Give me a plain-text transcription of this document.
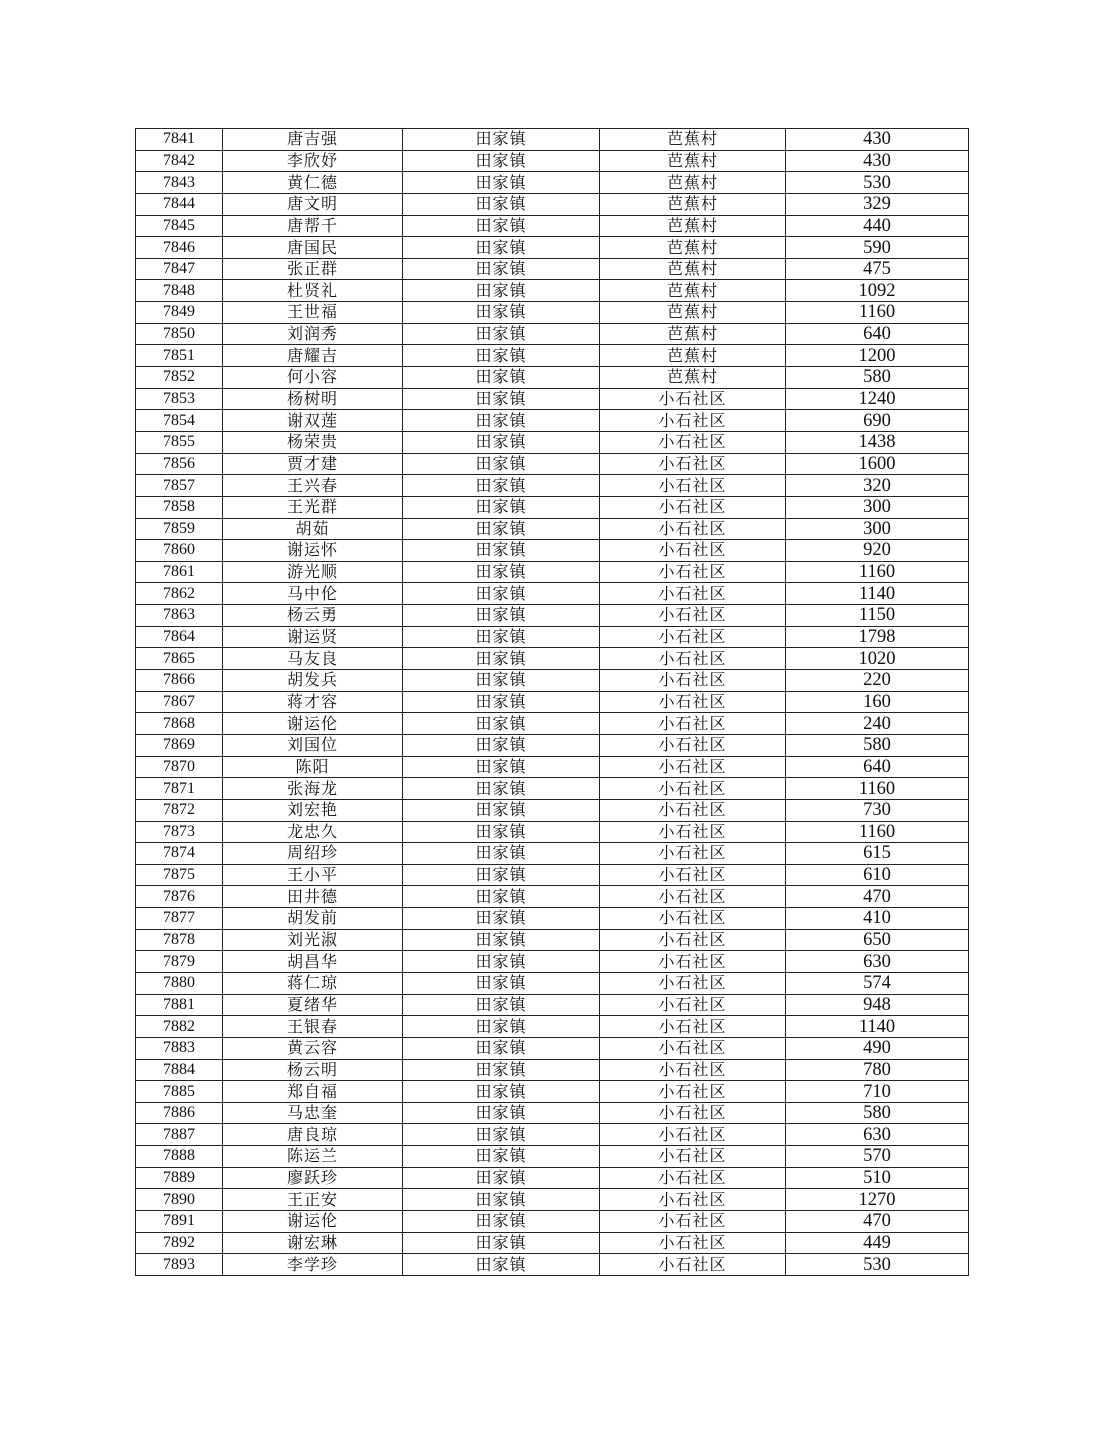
7841	唐吉强	田家镇	芭蕉村	430
7842	李欣妤	田家镇	芭蕉村	430
7843	黄仁德	田家镇	芭蕉村	530
7844	唐文明	田家镇	芭蕉村	329
7845	唐帮千	田家镇	芭蕉村	440
7846	唐国民	田家镇	芭蕉村	590
7847	张正群	田家镇	芭蕉村	475
7848	杜贤礼	田家镇	芭蕉村	1092
7849	王世福	田家镇	芭蕉村	1160
7850	刘润秀	田家镇	芭蕉村	640
7851	唐耀吉	田家镇	芭蕉村	1200
7852	何小容	田家镇	芭蕉村	580
7853	杨树明	田家镇	小石社区	1240
7854	谢双莲	田家镇	小石社区	690
7855	杨荣贵	田家镇	小石社区	1438
7856	贾才建	田家镇	小石社区	1600
7857	王兴春	田家镇	小石社区	320
7858	王光群	田家镇	小石社区	300
7859	胡茹	田家镇	小石社区	300
7860	谢运怀	田家镇	小石社区	920
7861	游光顺	田家镇	小石社区	1160
7862	马中伦	田家镇	小石社区	1140
7863	杨云勇	田家镇	小石社区	1150
7864	谢运贤	田家镇	小石社区	1798
7865	马友良	田家镇	小石社区	1020
7866	胡发兵	田家镇	小石社区	220
7867	蒋才容	田家镇	小石社区	160
7868	谢运伦	田家镇	小石社区	240
7869	刘国位	田家镇	小石社区	580
7870	陈阳	田家镇	小石社区	640
7871	张海龙	田家镇	小石社区	1160
7872	刘宏艳	田家镇	小石社区	730
7873	龙忠久	田家镇	小石社区	1160
7874	周绍珍	田家镇	小石社区	615
7875	王小平	田家镇	小石社区	610
7876	田井德	田家镇	小石社区	470
7877	胡发前	田家镇	小石社区	410
7878	刘光淑	田家镇	小石社区	650
7879	胡昌华	田家镇	小石社区	630
7880	蒋仁琼	田家镇	小石社区	574
7881	夏绪华	田家镇	小石社区	948
7882	王银春	田家镇	小石社区	1140
7883	黄云容	田家镇	小石社区	490
7884	杨云明	田家镇	小石社区	780
7885	郑自福	田家镇	小石社区	710
7886	马忠奎	田家镇	小石社区	580
7887	唐良琼	田家镇	小石社区	630
7888	陈运兰	田家镇	小石社区	570
7889	廖跃珍	田家镇	小石社区	510
7890	王正安	田家镇	小石社区	1270
7891	谢运伦	田家镇	小石社区	470
7892	谢宏琳	田家镇	小石社区	449
7893	李学珍	田家镇	小石社区	530
